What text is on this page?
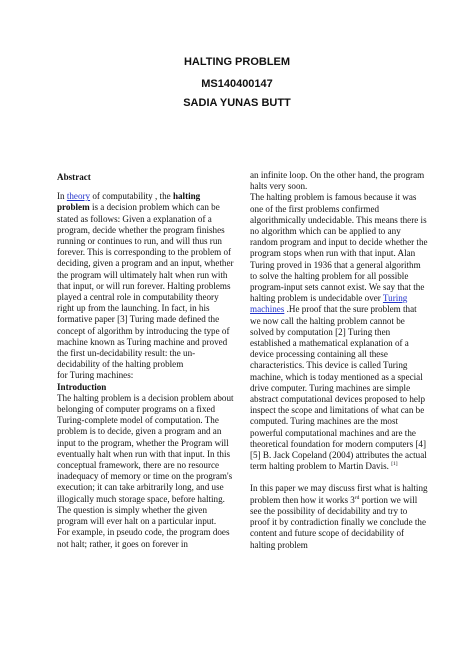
HALTING PROBLEM
MS140400147
SADIA YUNAS BUTT

Abstract

In theory of computability , the halting problem is a decision problem which can be stated as follows: Given a explanation of a program, decide whether the program finishes running or continues to run, and will thus run forever. This is corresponding to the problem of deciding, given a program and an input, whether the program will ultimately halt when run with that input, or will run forever. Halting problems played a central role in computability theory right up from the launching. In fact, in his formative paper [3] Turing made defined the concept of algorithm by introducing the type of machine known as Turing machine and proved the first un-decidability result: the un-decidability of the halting problem

for Turing machines:

Introduction

The halting problem is a decision problem about belonging of computer programs on a fixed Turing-complete model of computation. The problem is to decide, given a program and an input to the program, whether the Program will eventually halt when run with that input. In this conceptual framework, there are no resource inadequacy of memory or time on the program's execution; it can take arbitrarily long, and use illogically much storage space, before halting. The question is simply whether the given program will ever halt on a particular input.

For example, in pseudo code, the program does not halt; rather, it goes on forever in

an infinite loop. On the other hand, the program halts very soon.

The halting problem is famous because it was one of the first problems confirmed algorithmically undecidable. This means there is no algorithm which can be applied to any random program and input to decide whether the program stops when run with that input. Alan Turing proved in 1936 that a general algorithm to solve the halting problem for all possible program-input sets cannot exist. We say that the halting problem is undecidable over Turing machines .He proof that the sure problem that we now call the halting problem cannot be solved by computation [2] Turing then established a mathematical explanation of a device processing containing all these characteristics. This device is called Turing machine, which is today mentioned as a special drive computer. Turing machines are simple abstract computational devices proposed to help inspect the scope and limitations of what can be computed. Turing machines are the most powerful computational machines and are the theoretical foundation for modern computers [4] [5] B. Jack Copeland (2004) attributes the actual term halting problem to Martin Davis. [1]

In this paper we may discuss first what is halting problem then how it works 3rd portion we will see the possibility of decidability and try to proof it by contradiction finally we conclude the content and future scope of decidability of halting problem
